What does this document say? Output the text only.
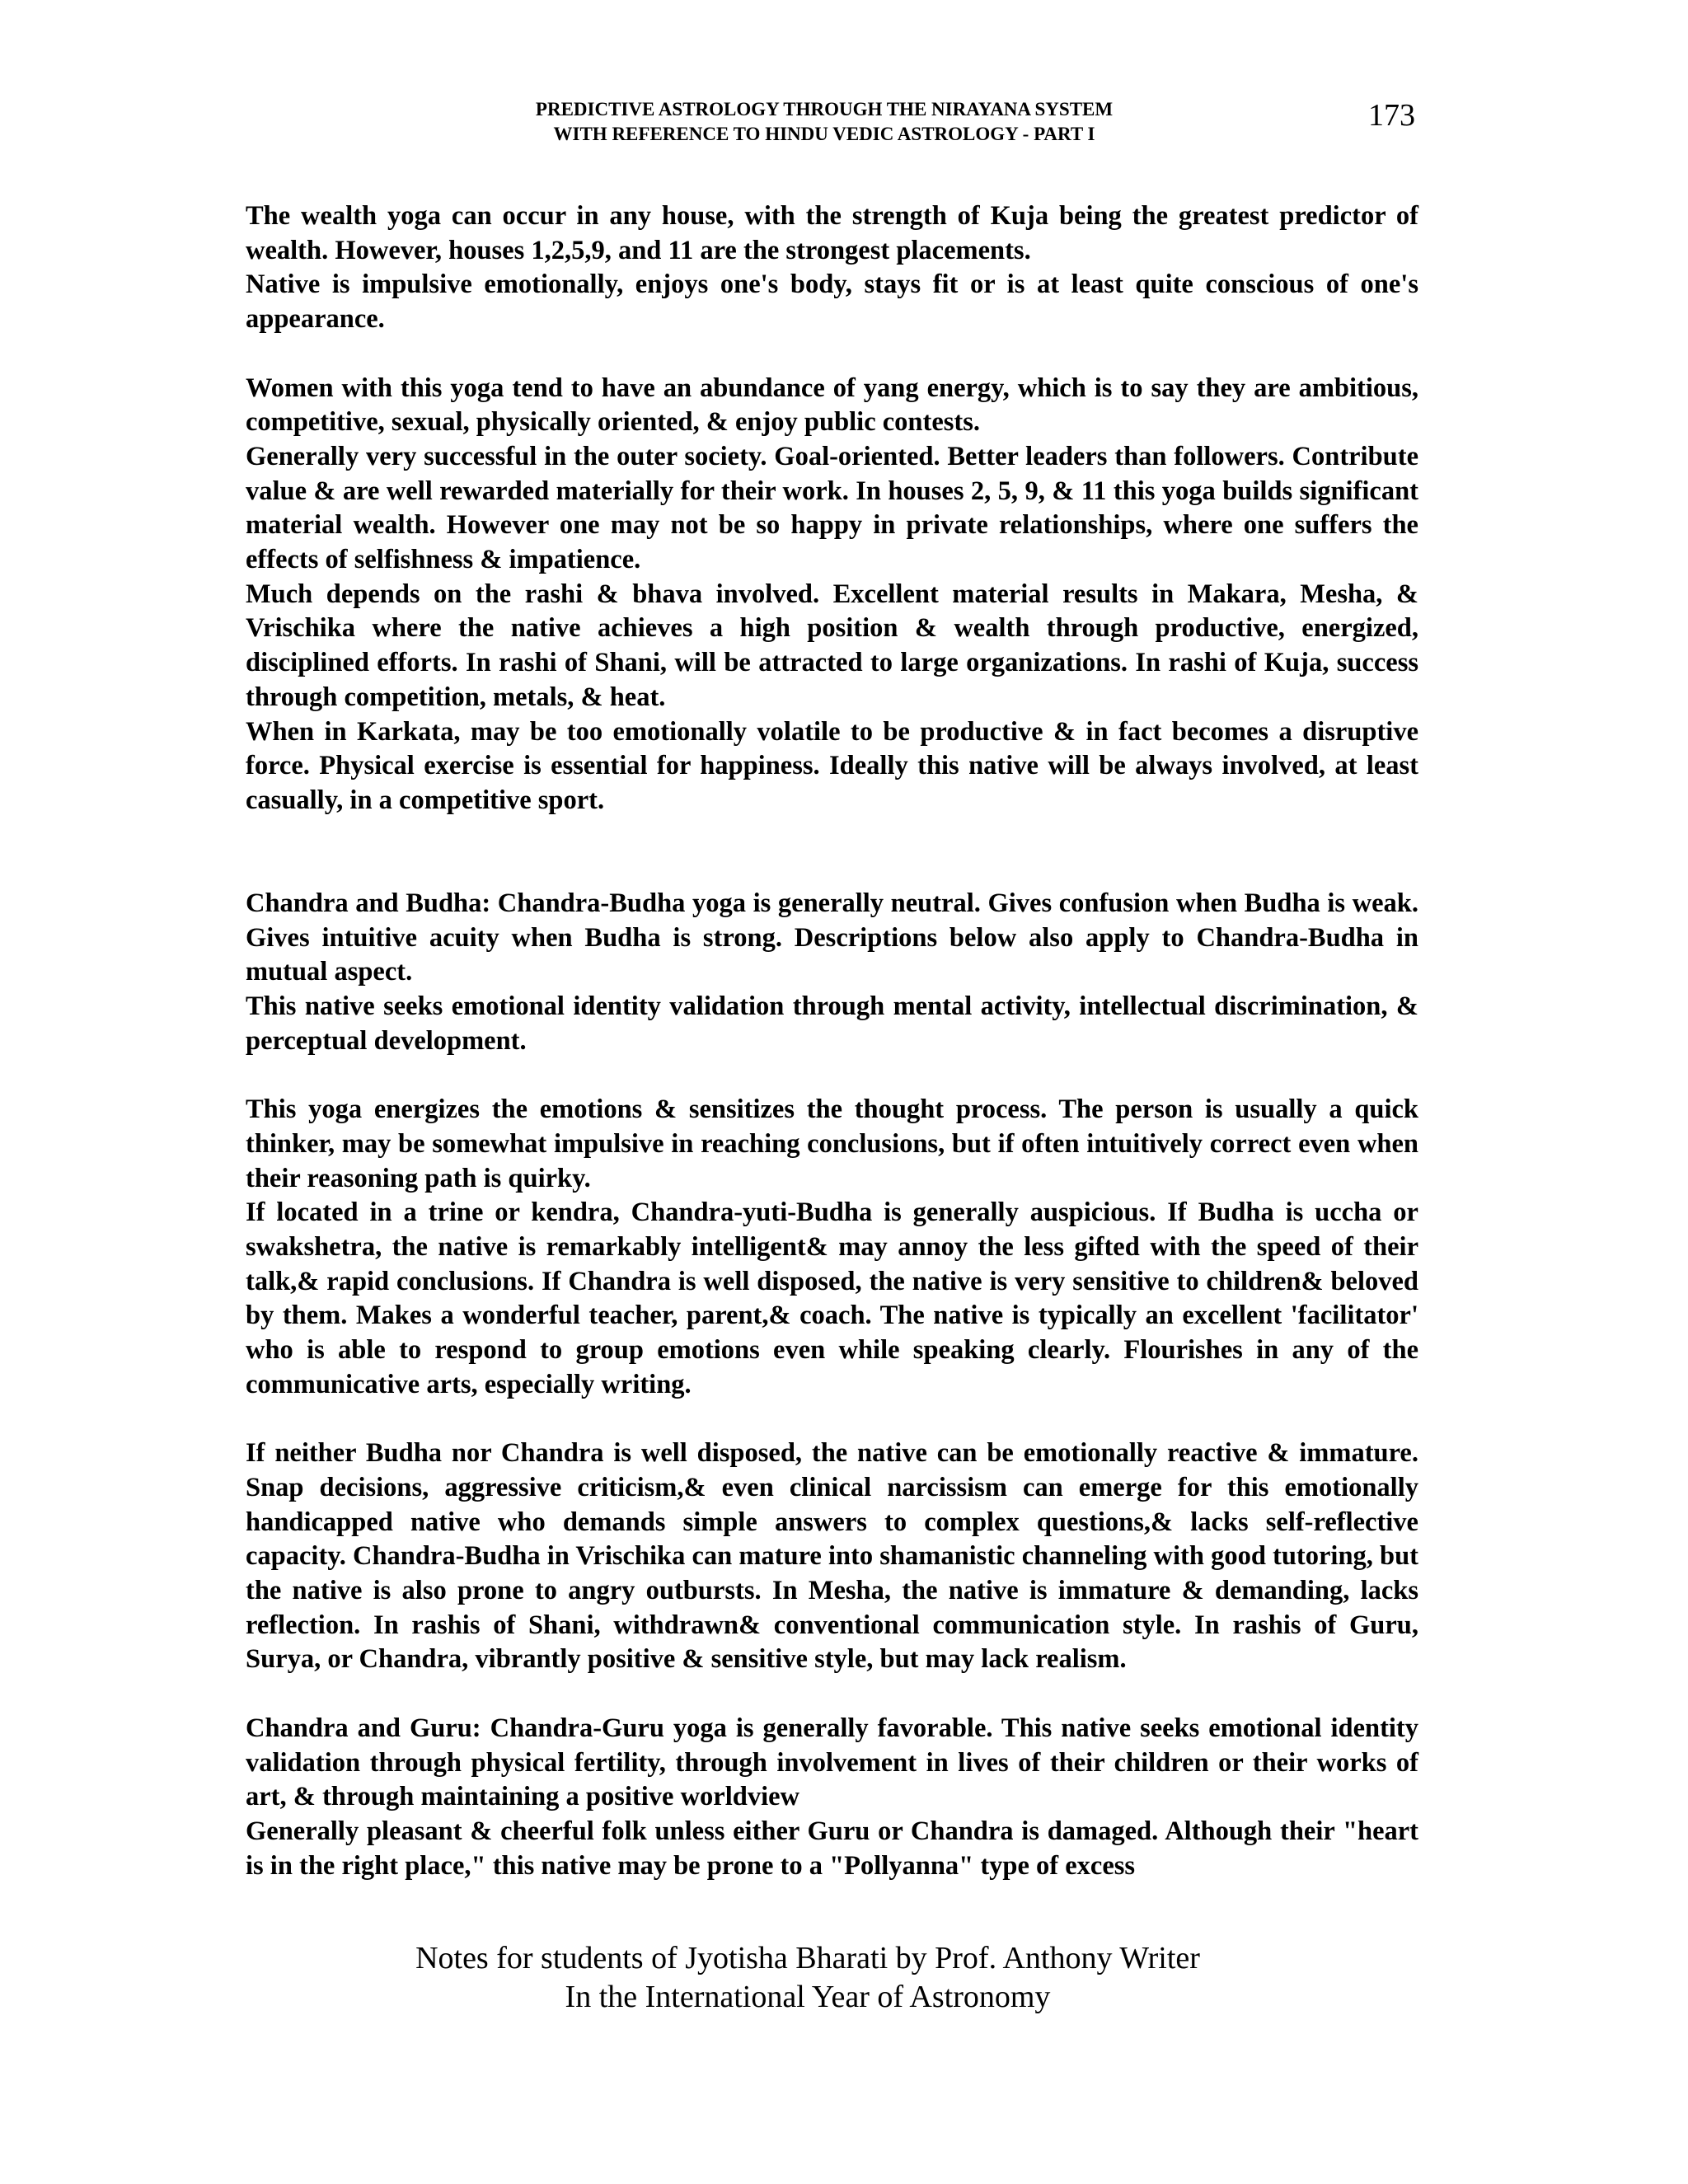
PREDICTIVE ASTROLOGY THROUGH THE NIRAYANA SYSTEM
WITH REFERENCE TO HINDU VEDIC ASTROLOGY - PART I
173

The wealth yoga can occur in any house, with the strength of Kuja being the greatest predictor of wealth. However, houses 1,2,5,9, and 11 are the strongest placements.

Native is impulsive emotionally, enjoys one's body, stays fit or is at least quite conscious of one's appearance.

Women with this yoga tend to have an abundance of yang energy, which is to say they are ambitious, competitive, sexual, physically oriented, & enjoy public contests.

Generally very successful in the outer society. Goal-oriented. Better leaders than followers. Contribute value & are well rewarded materially for their work. In houses 2, 5, 9, & 11 this yoga builds significant material wealth. However one may not be so happy in private relationships, where one suffers the effects of selfishness & impatience.

Much depends on the rashi & bhava involved. Excellent material results in Makara, Mesha, & Vrischika where the native achieves a high position & wealth through productive, energized, disciplined efforts. In rashi of Shani, will be attracted to large organizations. In rashi of Kuja, success through competition, metals, & heat.

When in Karkata, may be too emotionally volatile to be productive & in fact becomes a disruptive force. Physical exercise is essential for happiness. Ideally this native will be always involved, at least casually, in a competitive sport.

Chandra and Budha: Chandra-Budha yoga is generally neutral. Gives confusion when Budha is weak. Gives intuitive acuity when Budha is strong. Descriptions below also apply to Chandra-Budha in mutual aspect.

This native seeks emotional identity validation through mental activity, intellectual discrimination, & perceptual development.

This yoga energizes the emotions & sensitizes the thought process. The person is usually a quick thinker, may be somewhat impulsive in reaching conclusions, but if often intuitively correct even when their reasoning path is quirky.

If located in a trine or kendra, Chandra-yuti-Budha is generally auspicious. If Budha is uccha or swakshetra, the native is remarkably intelligent& may annoy the less gifted with the speed of their talk,& rapid conclusions. If Chandra is well disposed, the native is very sensitive to children& beloved by them. Makes a wonderful teacher, parent,& coach. The native is typically an excellent 'facilitator' who is able to respond to group emotions even while speaking clearly. Flourishes in any of the communicative arts, especially writing.

If neither Budha nor Chandra is well disposed, the native can be emotionally reactive & immature. Snap decisions, aggressive criticism,& even clinical narcissism can emerge for this emotionally handicapped native who demands simple answers to complex questions,& lacks self-reflective capacity. Chandra-Budha in Vrischika can mature into shamanistic channeling with good tutoring, but the native is also prone to angry outbursts. In Mesha, the native is immature & demanding, lacks reflection. In rashis of Shani, withdrawn& conventional communication style. In rashis of Guru, Surya, or Chandra, vibrantly positive & sensitive style, but may lack realism.

Chandra and Guru: Chandra-Guru yoga is generally favorable. This native seeks emotional identity validation through physical fertility, through involvement in lives of their children or their works of art, & through maintaining a positive worldview

Generally pleasant & cheerful folk unless either Guru or Chandra is damaged. Although their "heart is in the right place," this native may be prone to a "Pollyanna" type of excess

Notes for students of Jyotisha Bharati by Prof. Anthony Writer
In the International Year of Astronomy
